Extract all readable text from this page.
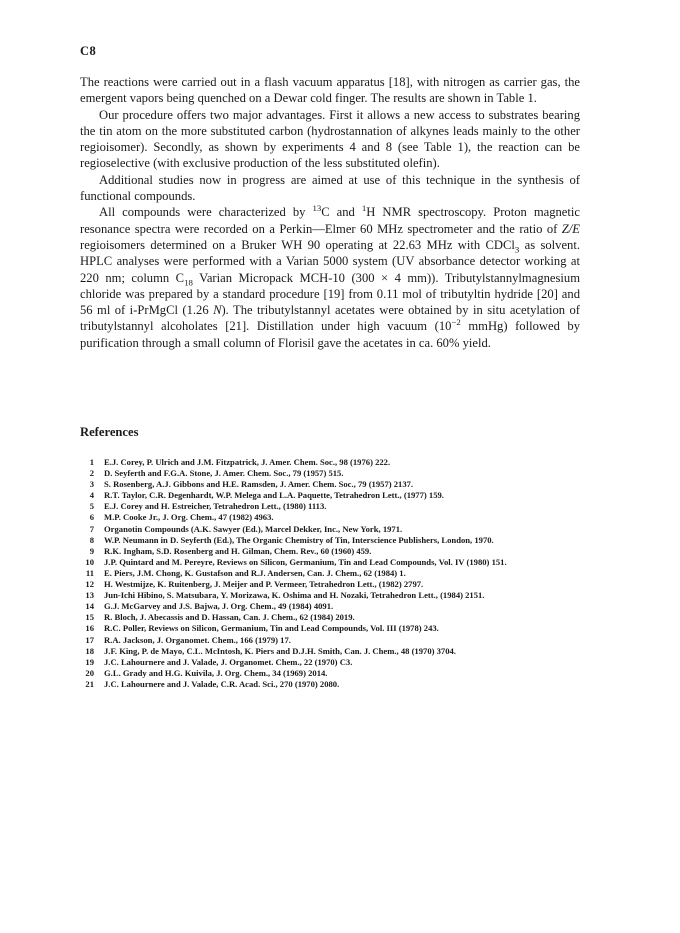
C8

The reactions were carried out in a flash vacuum apparatus [18], with nitrogen as carrier gas, the emergent vapors being quenched on a Dewar cold finger. The results are shown in Table 1.

Our procedure offers two major advantages. First it allows a new access to substrates bearing the tin atom on the more substituted carbon (hydrostannation of alkynes leads mainly to the other regioisomer). Secondly, as shown by experiments 4 and 8 (see Table 1), the reaction can be regioselective (with exclusive production of the less substituted olefin).

Additional studies now in progress are aimed at use of this technique in the synthesis of functional compounds.

All compounds were characterized by $^{13}$C and $^1$H NMR spectroscopy. Proton magnetic resonance spectra were recorded on a Perkin—Elmer 60 MHz spectrometer and the ratio of Z/E regioisomers determined on a Bruker WH 90 operating at 22.63 MHz with CDCl$_3$ as solvent. HPLC analyses were performed with a Varian 5000 system (UV absorbance detector working at 220 nm; column $C_{18}$ Varian Micropack MCH-10 (300 × 4 mm)). Tributylstannylmagnesium chloride was prepared by a standard procedure [19] from 0.11 mol of tributyltin hydride [20] and 56 ml of i-PrMgCl (1.26 N). The tributylstannyl acetates were obtained by in situ acetylation of tributylstannyl alcoholates [21]. Distillation under high vacuum ($10^{-2}$ mmHg) followed by purification through a small column of Florisil gave the acetates in ca. 60% yield.

References
1 E.J. Corey, P. Ulrich and J.M. Fitzpatrick, J. Amer. Chem. Soc., 98 (1976) 222.
2 D. Seyferth and F.G.A. Stone, J. Amer. Chem. Soc., 79 (1957) 515.
3 S. Rosenberg, A.J. Gibbons and H.E. Ramsden, J. Amer. Chem. Soc., 79 (1957) 2137.
4 R.T. Taylor, C.R. Degenhardt, W.P. Melega and L.A. Paquette, Tetrahedron Lett., (1977) 159.
5 E.J. Corey and H. Estreicher, Tetrahedron Lett., (1980) 1113.
6 M.P. Cooke Jr., J. Org. Chem., 47 (1982) 4963.
7 Organotin Compounds (A.K. Sawyer (Ed.), Marcel Dekker, Inc., New York, 1971.
8 W.P. Neumann in D. Seyferth (Ed.), The Organic Chemistry of Tin, Interscience Publishers, London, 1970.
9 R.K. Ingham, S.D. Rosenberg and H. Gilman, Chem. Rev., 60 (1960) 459.
10 J.P. Quintard and M. Pereyre, Reviews on Silicon, Germanium, Tin and Lead Compounds, Vol. IV (1980) 151.
11 E. Piers, J.M. Chong, K. Gustafson and R.J. Andersen, Can. J. Chem., 62 (1984) 1.
12 H. Westmijze, K. Ruitenberg, J. Meijer and P. Vermeer, Tetrahedron Lett., (1982) 2797.
13 Jun-Ichi Hibino, S. Matsubara, Y. Morizawa, K. Oshima and H. Nozaki, Tetrahedron Lett., (1984) 2151.
14 G.J. McGarvey and J.S. Bajwa, J. Org. Chem., 49 (1984) 4091.
15 R. Bloch, J. Abecassis and D. Hassan, Can. J. Chem., 62 (1984) 2019.
16 R.C. Poller, Reviews on Silicon, Germanium, Tin and Lead Compounds, Vol. III (1978) 243.
17 R.A. Jackson, J. Organomet. Chem., 166 (1979) 17.
18 J.F. King, P. de Mayo, C.L. McIntosh, K. Piers and D.J.H. Smith, Can. J. Chem., 48 (1970) 3704.
19 J.C. Lahournere and J. Valade, J. Organomet. Chem., 22 (1970) C3.
20 G.L. Grady and H.G. Kuivila, J. Org. Chem., 34 (1969) 2014.
21 J.C. Lahournere and J. Valade, C.R. Acad. Sci., 270 (1970) 2080.
